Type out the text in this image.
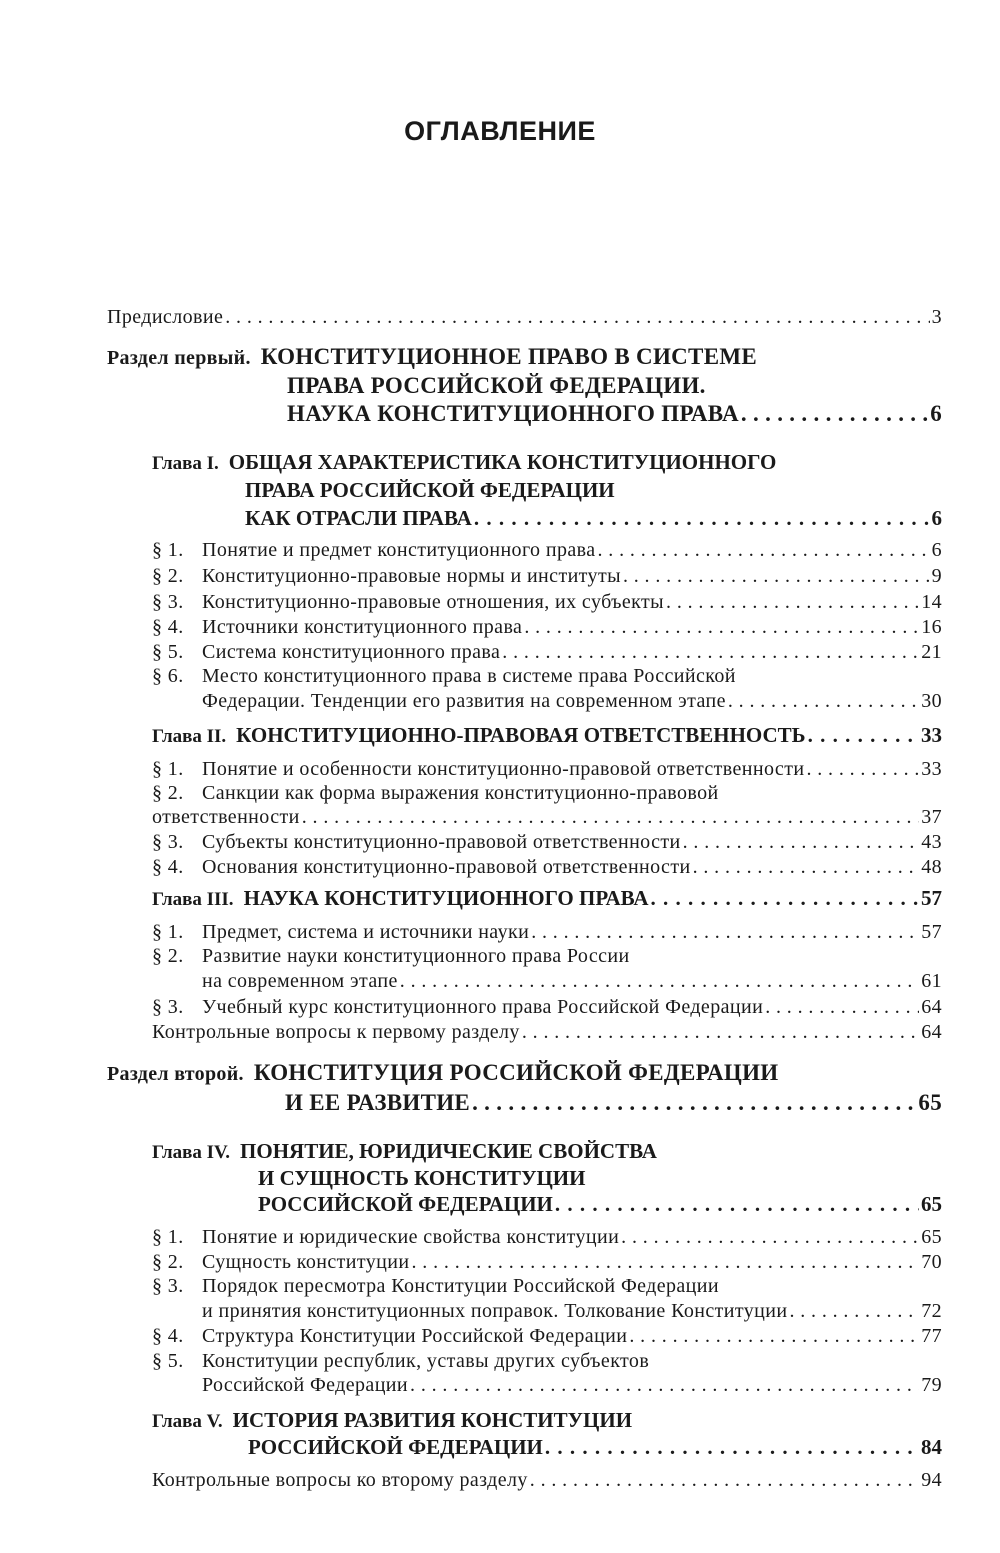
ОГЛАВЛЕНИЕ
Предисловие . . .	3
Раздел первый. КОНСТИТУЦИОННОЕ ПРАВО В СИСТЕМЕ
ПРАВА РОССИЙСКОЙ ФЕДЕРАЦИИ.
НАУКА КОНСТИТУЦИОННОГО ПРАВА . . .	6
Глава I. ОБЩАЯ ХАРАКТЕРИСТИКА КОНСТИТУЦИОННОГО
ПРАВА РОССИЙСКОЙ ФЕДЕРАЦИИ
КАК ОТРАСЛИ ПРАВА . . .	6
§ 1. Понятие и предмет конституционного права . . .	6
§ 2. Конституционно-правовые нормы и институты . . .	9
§ 3. Конституционно-правовые отношения, их субъекты . . .	14
§ 4. Источники конституционного права . . .	16
§ 5. Система конституционного права . . .	21
§ 6. Место конституционного права в системе права Российской
Федерации. Тенденции его развития на современном этапе . . .	30
Глава II. КОНСТИТУЦИОННО-ПРАВОВАЯ ОТВЕТСТВЕННОСТЬ . . .	33
§ 1. Понятие и особенности конституционно-правовой ответственности . . .	33
§ 2. Санкции как форма выражения конституционно-правовой
ответственности . . .	37
§ 3. Субъекты конституционно-правовой ответственности . . .	43
§ 4. Основания конституционно-правовой ответственности . . .	48
Глава III. НАУКА КОНСТИТУЦИОННОГО ПРАВА . . .	57
§ 1. Предмет, система и источники науки . . .	57
§ 2. Развитие науки конституционного права России
на современном этапе . . .	61
§ 3. Учебный курс конституционного права Российской Федерации . . .	64
Контрольные вопросы к первому разделу . . .	64
Раздел второй. КОНСТИТУЦИЯ РОССИЙСКОЙ ФЕДЕРАЦИИ
И ЕЕ РАЗВИТИЕ . . .	65
Глава IV. ПОНЯТИЕ, ЮРИДИЧЕСКИЕ СВОЙСТВА
И СУЩНОСТЬ КОНСТИТУЦИИ
РОССИЙСКОЙ ФЕДЕРАЦИИ . . .	65
§ 1. Понятие и юридические свойства конституции . . .	65
§ 2. Сущность конституции . . .	70
§ 3. Порядок пересмотра Конституции Российской Федерации
и принятия конституционных поправок. Толкование Конституции . . .	72
§ 4. Структура Конституции Российской Федерации . . .	77
§ 5. Конституции республик, уставы других субъектов
Российской Федерации . . .	79
Глава V. ИСТОРИЯ РАЗВИТИЯ КОНСТИТУЦИИ
РОССИЙСКОЙ ФЕДЕРАЦИИ . . .	84
Контрольные вопросы ко второму разделу . . .	94
